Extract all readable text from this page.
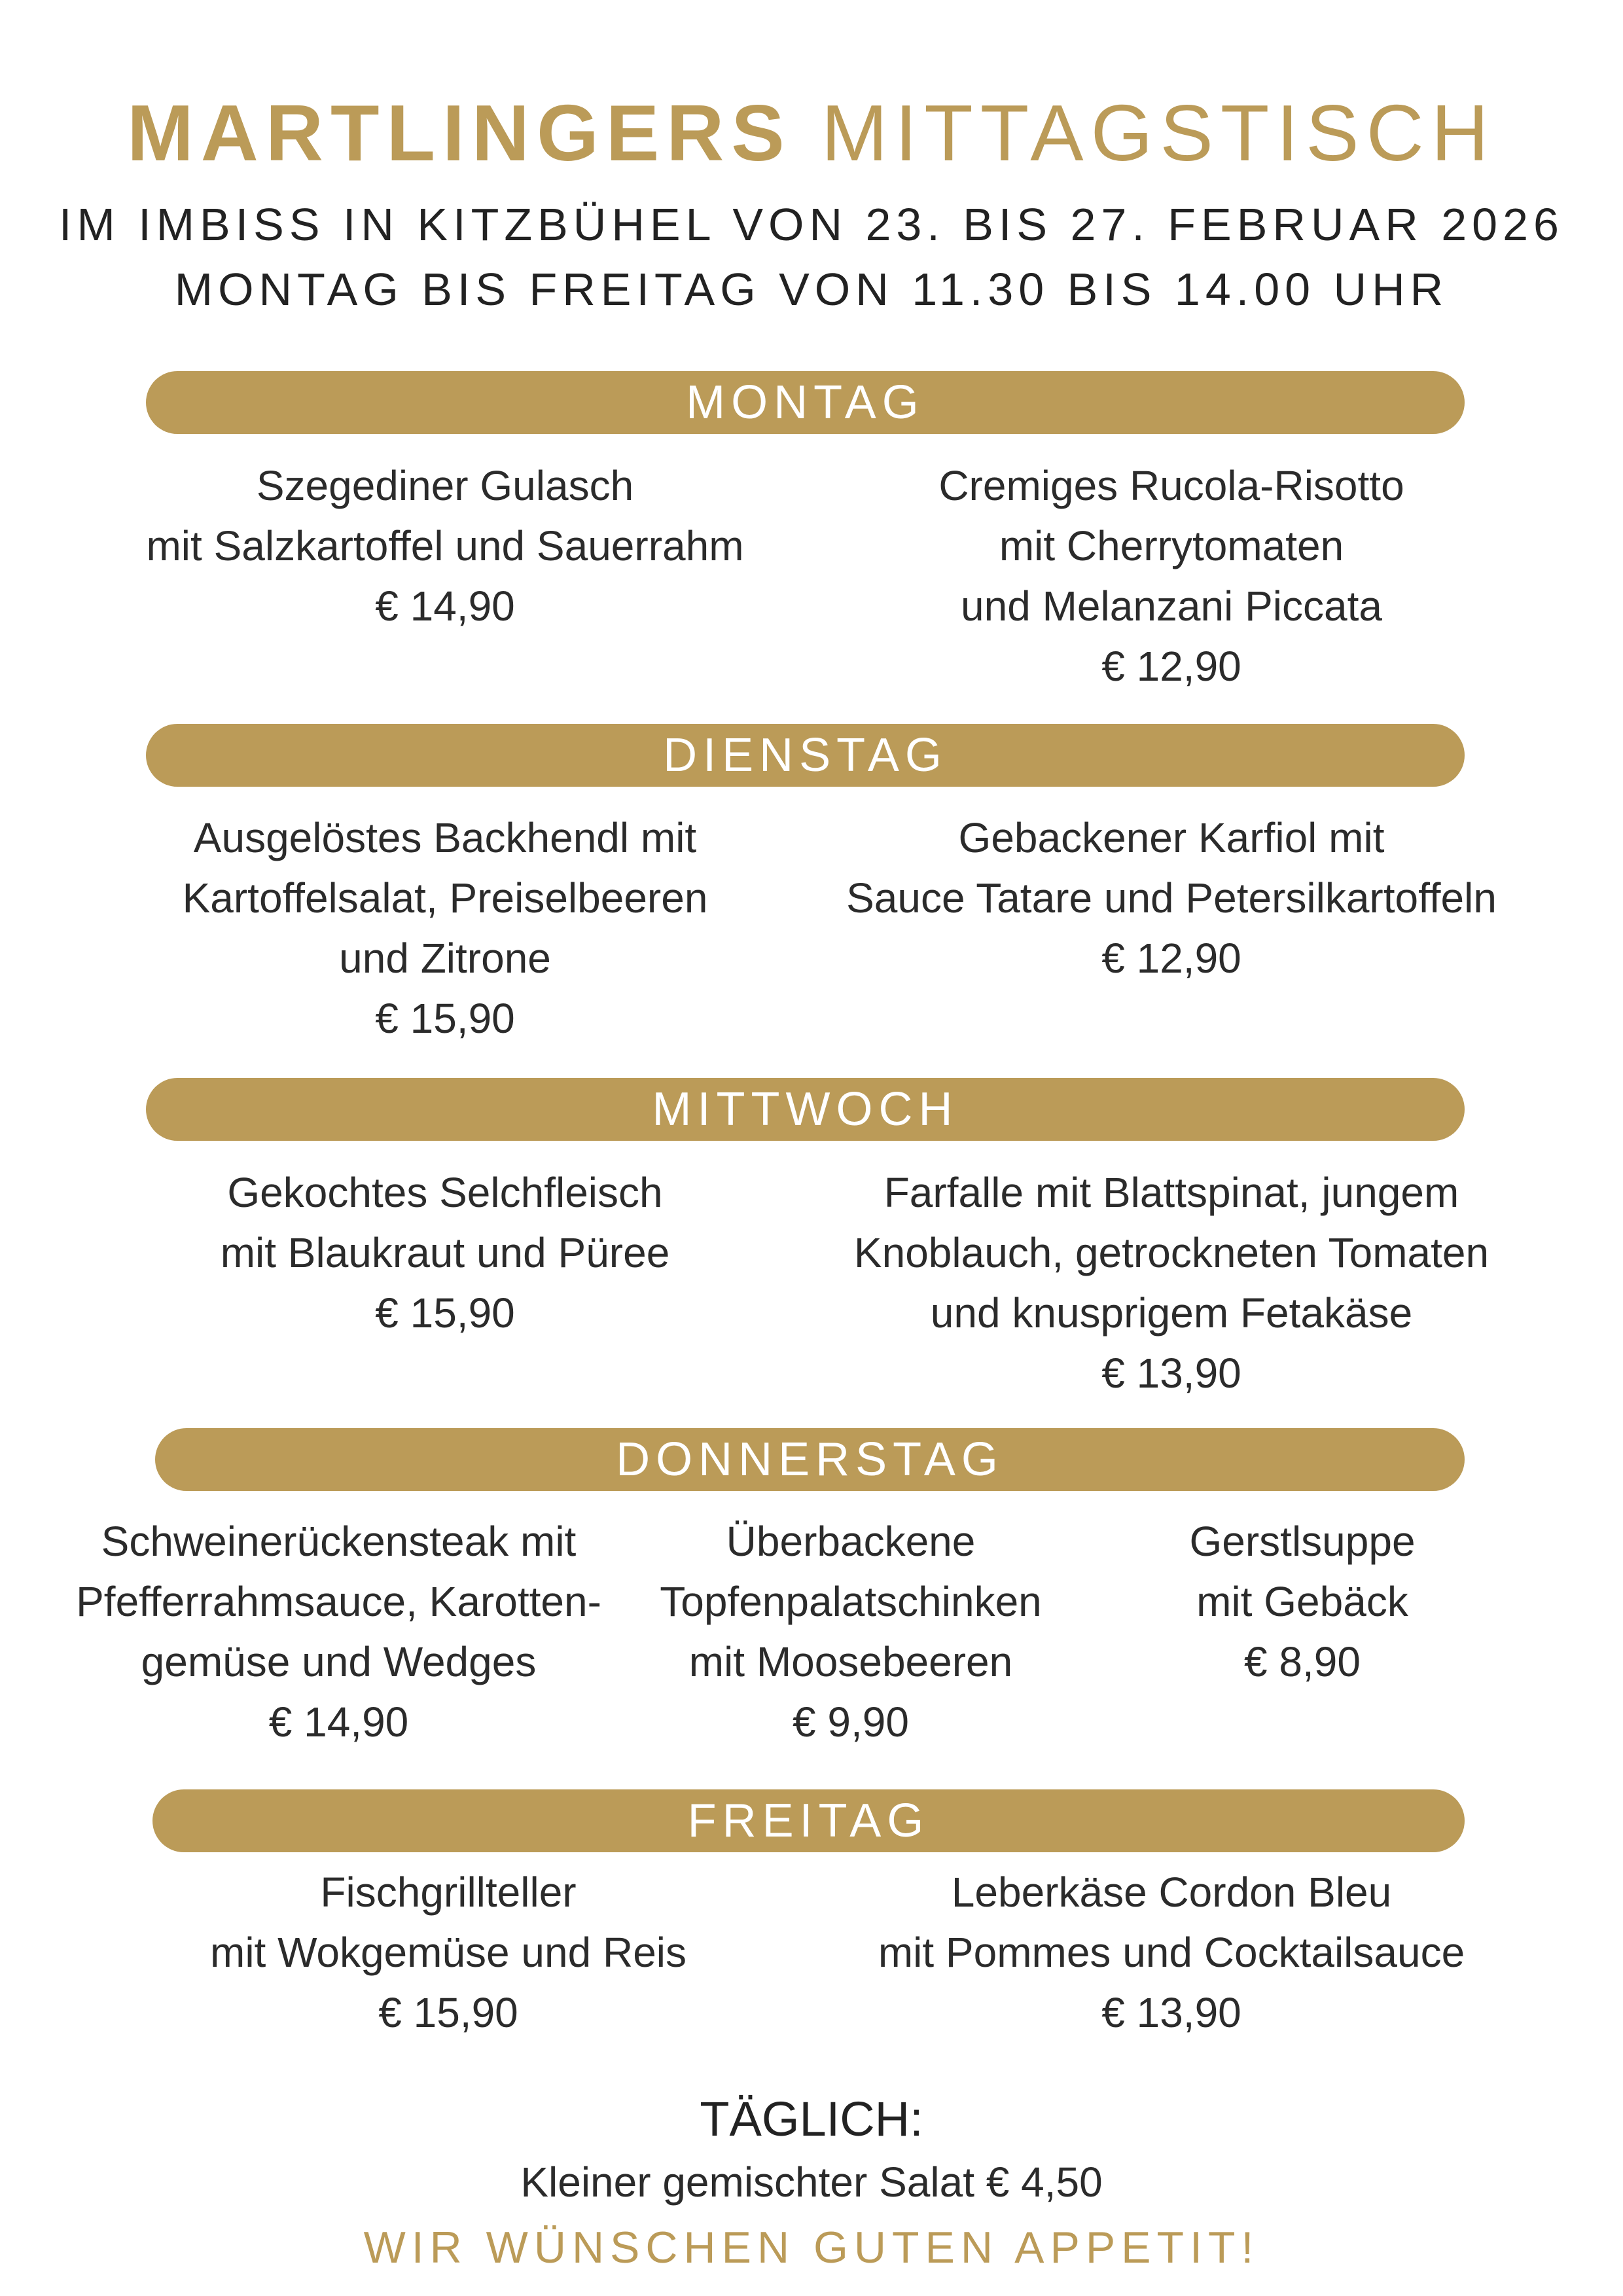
MARTLINGERS MITTAGSTISCH
IM IMBISS IN KITZBÜHEL VON 23. BIS 27. FEBRUAR 2026
MONTAG BIS FREITAG VON 11.30 BIS 14.00 UHR
MONTAG
Szegediner Gulasch
mit Salzkartoffel und Sauerrahm
€ 14,90
Cremiges Rucola-Risotto
mit Cherrytomaten
und Melanzani Piccata
€ 12,90
DIENSTAG
Ausgelöstes Backhendl mit
Kartoffelsalat, Preiselbeeren
und Zitrone
€ 15,90
Gebackener Karfiol mit
Sauce Tatare und Petersilkartoffeln
€ 12,90
MITTWOCH
Gekochtes Selchfleisch
mit Blaukraut und Püree
€ 15,90
Farfalle mit Blattspinat, jungem
Knoblauch, getrockneten Tomaten
und knusprigem Fetakäse
€ 13,90
DONNERSTAG
Schweinerückensteak mit
Pfefferrahmsauce, Karotten-
gemüse und Wedges
€ 14,90
Überbackene
Topfenpalatschinken
mit Moosebeeren
€ 9,90
Gerstlsuppe
mit Gebäck
€ 8,90
FREITAG
Fischgrillteller
mit Wokgemüse und Reis
€ 15,90
Leberkäse Cordon Bleu
mit Pommes und Cocktailsauce
€ 13,90
TÄGLICH:
Kleiner gemischter Salat € 4,50
WIR WÜNSCHEN GUTEN APPETIT!
